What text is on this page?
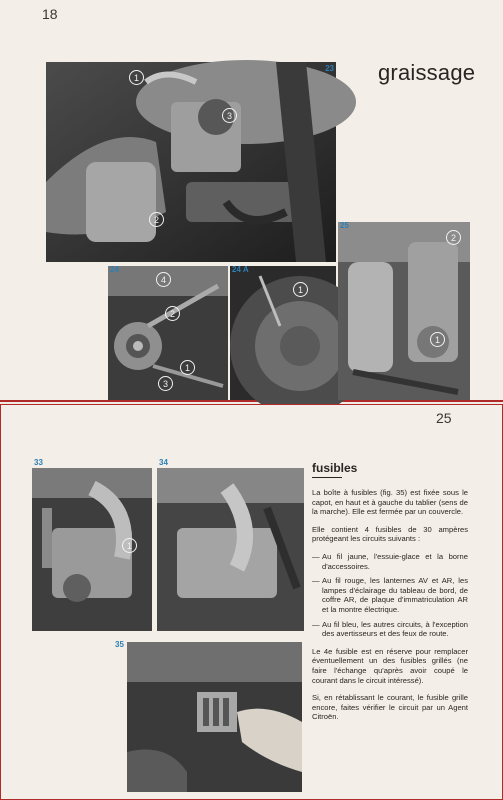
18
graissage
23
1
2
3
24
1
2
3
4
24 A
1
25
1
2
25
33
1
34
35
fusibles

La boîte à fusibles (fig. 35) est fixée sous le capot, en haut et à gauche du tablier (sens de la marche). Elle est fermée par un couvercle.

Elle contient 4 fusibles de 30 ampères protégeant les circuits suivants :

— Au fil jaune, l'essuie-glace et la borne d'accessoires.
— Au fil rouge, les lanternes AV et AR, les lampes d'éclairage du tableau de bord, de coffre AR, de plaque d'immatriculation AR et la montre électrique.
— Au fil bleu, les autres circuits, à l'exception des avertisseurs et des feux de route.

Le 4e fusible est en réserve pour remplacer éventuellement un des fusibles grillés (ne faire l'échange qu'après avoir coupé le courant dans le circuit intéressé).

Si, en rétablissant le courant, le fusible grille encore, faites vérifier le circuit par un Agent Citroën.
